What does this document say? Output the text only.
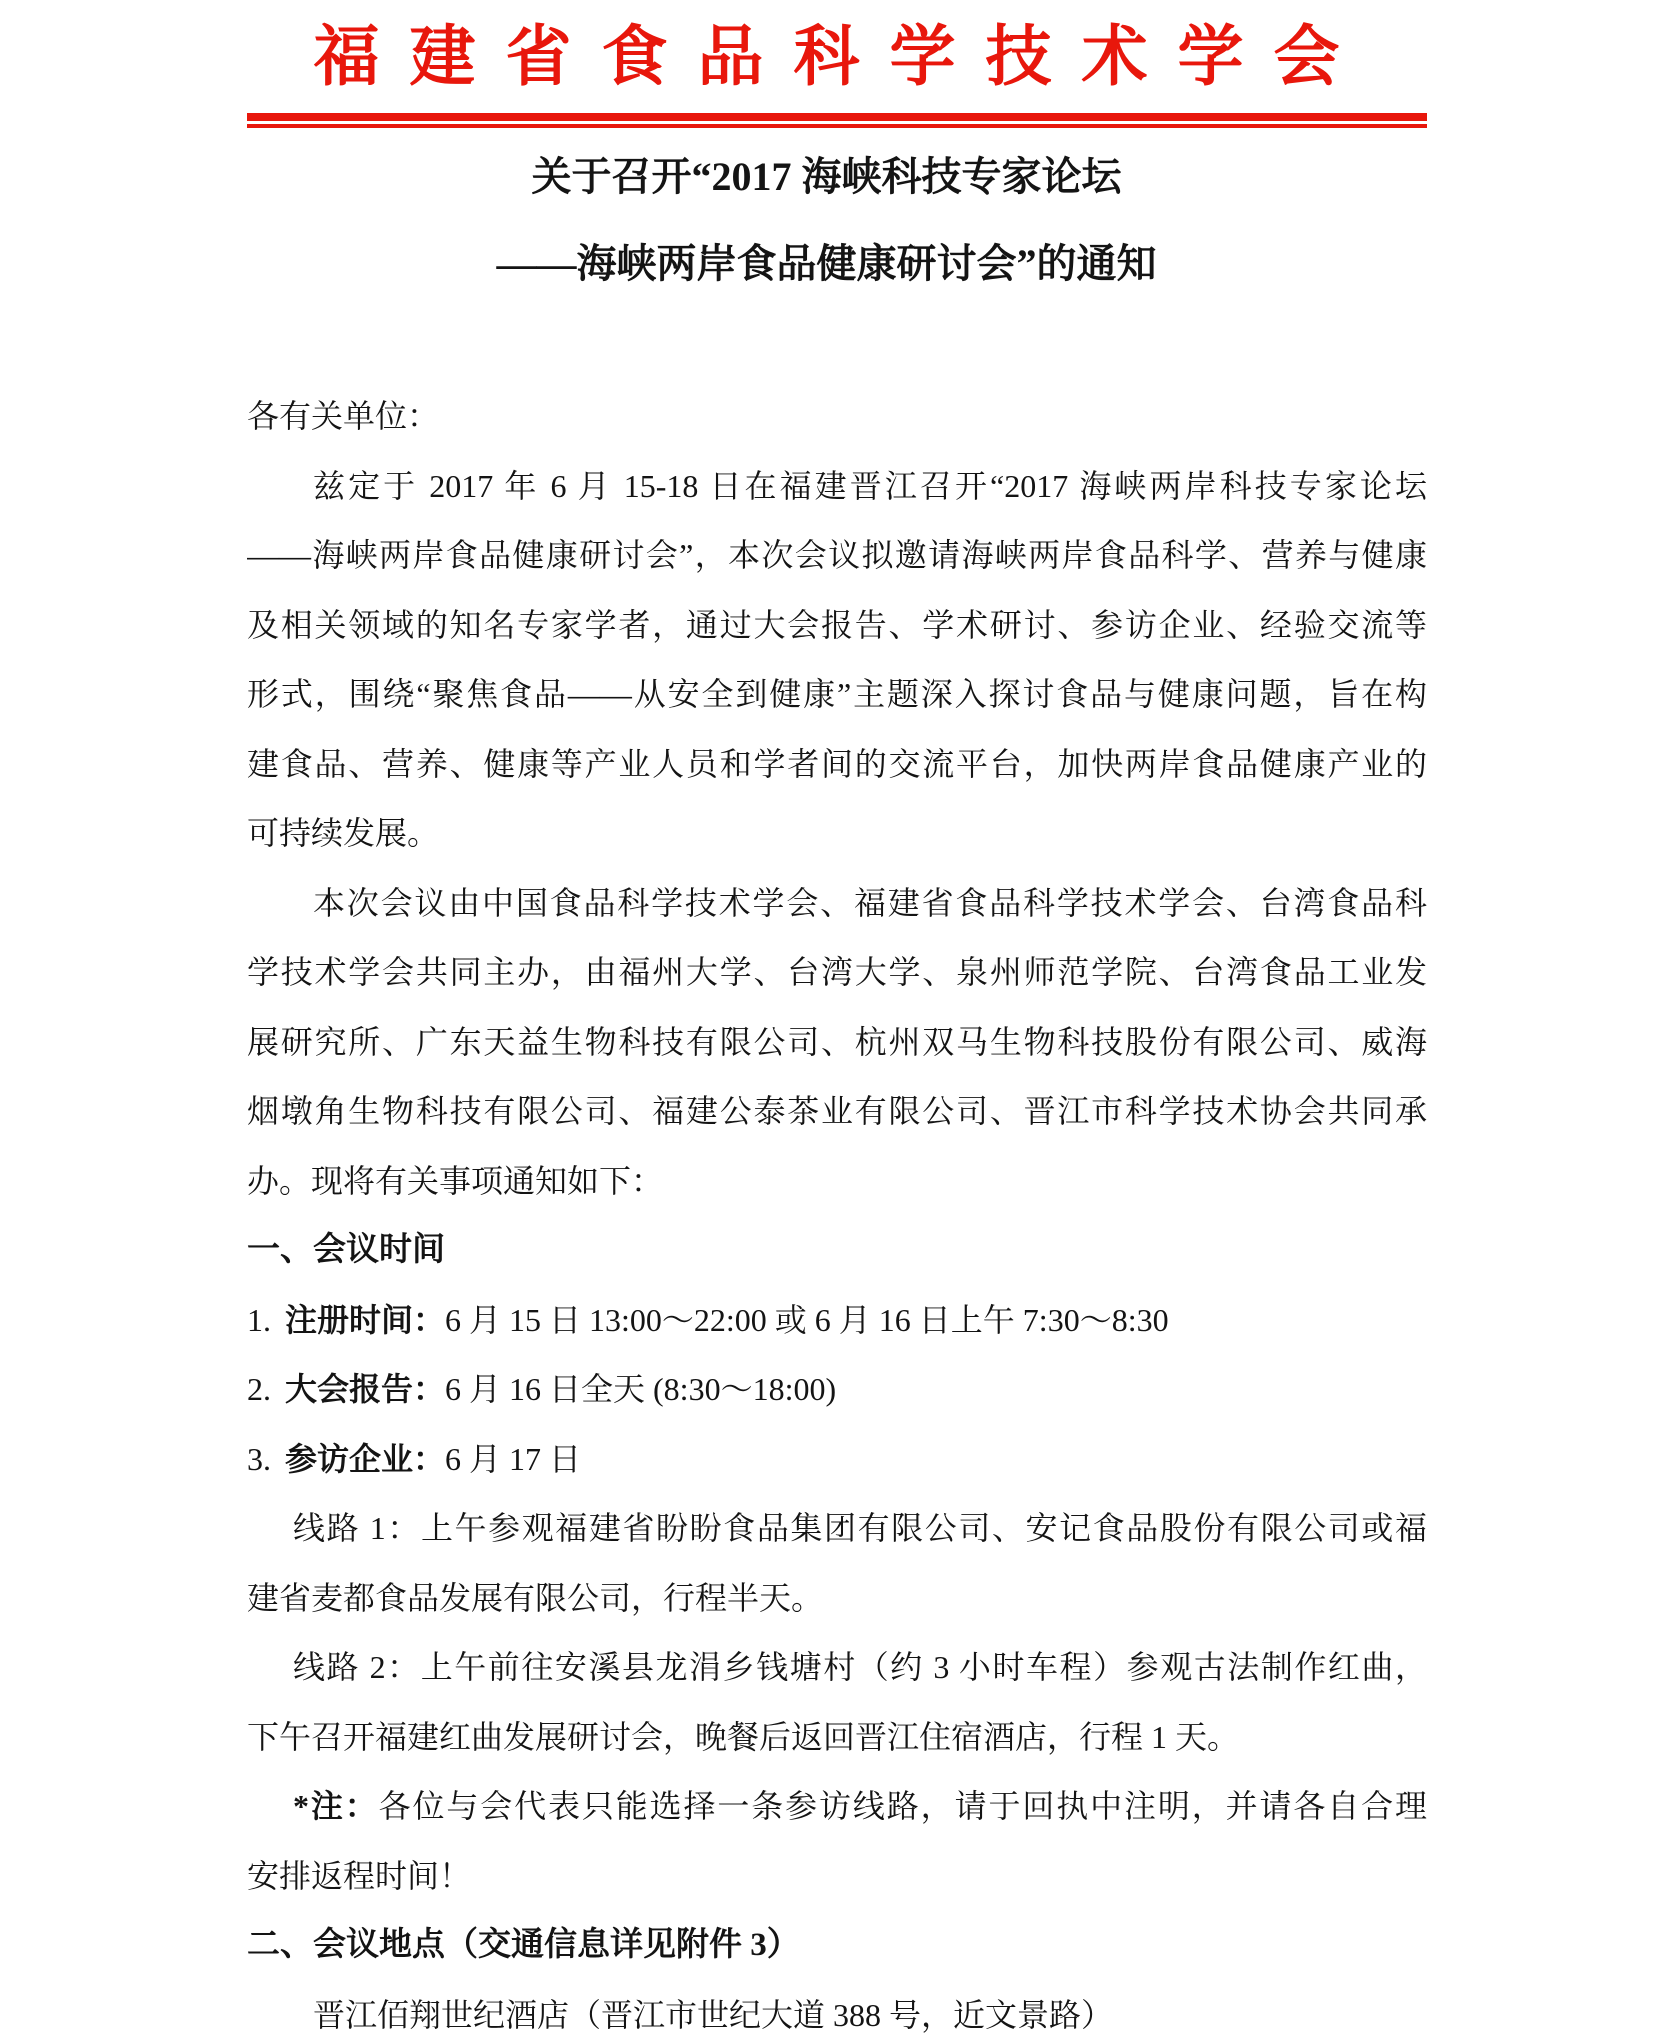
福建省食品科学技术学会
关于召开“2017 海峡科技专家论坛
——海峡两岸食品健康研讨会”的通知
各有关单位：
兹定于 2017 年 6 月 15-18 日在福建晋江召开“2017 海峡两岸科技专家论坛
——海峡两岸食品健康研讨会”，本次会议拟邀请海峡两岸食品科学、营养与健康
及相关领域的知名专家学者，通过大会报告、学术研讨、参访企业、经验交流等
形式，围绕“聚焦食品——从安全到健康”主题深入探讨食品与健康问题，旨在构
建食品、营养、健康等产业人员和学者间的交流平台，加快两岸食品健康产业的
可持续发展。
本次会议由中国食品科学技术学会、福建省食品科学技术学会、台湾食品科
学技术学会共同主办，由福州大学、台湾大学、泉州师范学院、台湾食品工业发
展研究所、广东天益生物科技有限公司、杭州双马生物科技股份有限公司、威海
烟墩角生物科技有限公司、福建公泰茶业有限公司、晋江市科学技术协会共同承
办。现将有关事项通知如下：
一、会议时间
1. 注册时间：6 月 15 日 13:00～22:00 或 6 月 16 日上午 7:30～8:30
2. 大会报告：6 月 16 日全天 (8:30～18:00)
3. 参访企业：6 月 17 日
线路 1：上午参观福建省盼盼食品集团有限公司、安记食品股份有限公司或福
建省麦都食品发展有限公司，行程半天。
线路 2：上午前往安溪县龙涓乡钱塘村（约 3 小时车程）参观古法制作红曲，
下午召开福建红曲发展研讨会，晚餐后返回晋江住宿酒店，行程 1 天。
*注：各位与会代表只能选择一条参访线路，请于回执中注明，并请各自合理
安排返程时间！
二、会议地点（交通信息详见附件 3）
晋江佰翔世纪酒店（晋江市世纪大道 388 号，近文景路）
